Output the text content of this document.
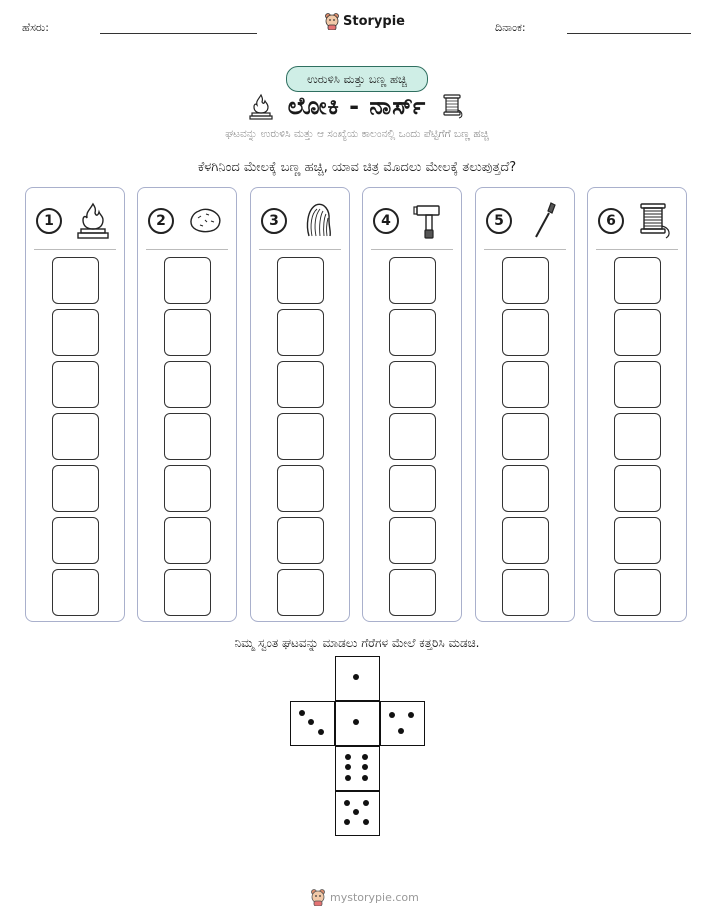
ಹೆಸರು:	Storypie	ದಿನಾಂಕ:
ಉರುಳಿಸಿ ಮತ್ತು ಬಣ್ಣ ಹಚ್ಚಿ
ಲೋಕಿ - ನಾರ್ಸ್
ಘಟವನ್ನು ಉರುಳಿಸಿ ಮತ್ತು ಆ ಸಂಖ್ಯೆಯ ಕಾಲಂನಲ್ಲಿ ಒಂದು ಪೆಟ್ಟಿಗೆಗೆ ಬಣ್ಣ ಹಚ್ಚಿ
ಕೆಳಗಿನಿಂದ ಮೇಲಕ್ಕೆ ಬಣ್ಣ ಹಚ್ಚಿ, ಯಾವ ಚಿತ್ರ ಮೊದಲು ಮೇಲಕ್ಕೆ ತಲುಪುತ್ತದೆ?
1	2	3	4	5	6
ನಿಮ್ಮ ಸ್ವಂತ ಘಟವನ್ನು ಮಾಡಲು ಗೆರೆಗಳ ಮೇಲೆ ಕತ್ತರಿಸಿ ಮಡಚಿ.
mystorypie.com
